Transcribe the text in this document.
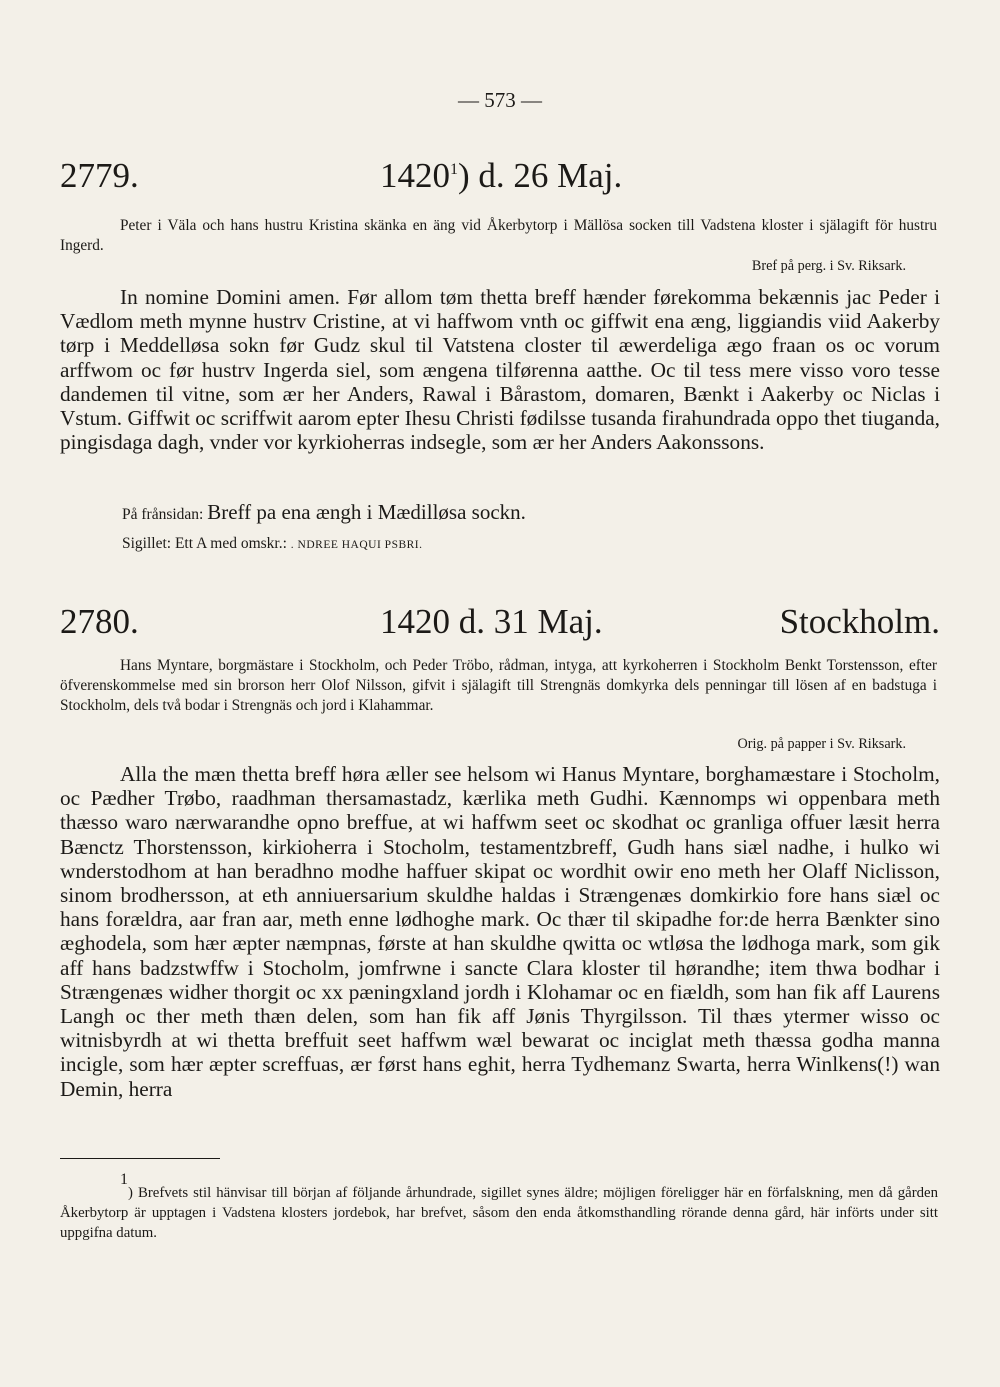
— 573 —
2779.	1420$^1$) d. 26 Maj.

Peter i Väla och hans hustru Kristina skänka en äng vid Åkerbytorp i Mällösa socken till Vadstena kloster i själagift för hustru Ingerd.

Bref på perg. i Sv. Riksark.

In nomine Domini amen. Før allom tøm thetta breff hænder førekomma bekænnis jac Peder i Vædlom meth mynne hustrv Cristine, at vi haffwom vnth oc giffwit ena æng, liggiandis viid Aakerby tørp i Meddelløsa sokn før Gudz skul til Vatstena closter til æwerdeliga ægo fraan os oc vorum arffwom oc før hustrv Ingerda siel, som ængena tilførenna aatthe. Oc til tess mere visso voro tesse dandemen til vitne, som ær her Anders, Rawal i Bårastom, domaren, Bænkt i Aakerby oc Niclas i Vstum. Giffwit oc scriffwit aarom epter Ihesu Christi fødilsse tusanda firahundrada oppo thet tiuganda, pingisdaga dagh, vnder vor kyrkioherras indsegle, som ær her Anders Aakonssons.

På frånsidan: Breff pa ena ængh i Mædilløsa sockn.
Sigillet: Ett A med omskr.: . NDREE HAQUI PSBRI.
2780.	1420 d. 31 Maj.	Stockholm.

Hans Myntare, borgmästare i Stockholm, och Peder Tröbo, rådman, intyga, att kyrkoherren i Stockholm Benkt Torstensson, efter öfverenskommelse med sin brorson herr Olof Nilsson, gifvit i själagift till Strengnäs domkyrka dels penningar till lösen af en badstuga i Stockholm, dels två bodar i Strengnäs och jord i Klahammar.

Orig. på papper i Sv. Riksark.

Alla the mæn thetta breff høra æller see helsom wi Hanus Myntare, borghamæstare i Stocholm, oc Pædher Trøbo, raadhman thersamastadz, kærlika meth Gudhi. Kænnomps wi oppenbara meth thæsso waro nærwarandhe opno breffue, at wi haffwm seet oc skodhat oc granliga offuer læsit herra Bænctz Thorstensson, kirkioherra i Stocholm, testamentzbreff, Gudh hans siæl nadhe, i hulko wi wnderstodhom at han beradhno modhe haffuer skipat oc wordhit owir eno meth her Olaff Niclisson, sinom brodhersson, at eth anniuersarium skuldhe haldas i Strængenæs domkirkio fore hans siæl oc hans forældra, aar fran aar, meth enne lødhoghe mark. Oc thær til skipadhe for:de herra Bænkter sino æghodela, som hær æpter næmpnas, første at han skuldhe qwitta oc wtløsa the lødhoga mark, som gik aff hans badzstwffw i Stocholm, jomfrwne i sancte Clara kloster til hørandhe; item thwa bodhar i Strængenæs widher thorgit oc xx pæningxland jordh i Klohamar oc en fiældh, som han fik aff Laurens Langh oc ther meth thæn delen, som han fik aff Jønis Thyrgilsson. Til thæs ytermer wisso oc witnisbyrdh at wi thetta breffuit seet haffwm wæl bewarat oc inciglat meth thæssa godha manna incigle, som hær æpter screffuas, ær først hans eghit, herra Tydhemanz Swarta, herra Winlkens(!) wan Demin, herra

$^1$) Brefvets stil hänvisar till början af följande århundrade, sigillet synes äldre; möjligen föreligger här en förfalskning, men då gården Åkerbytorp är upptagen i Vadstena klosters jordebok, har brefvet, såsom den enda åtkomsthandling rörande denna gård, här införts under sitt uppgifna datum.
